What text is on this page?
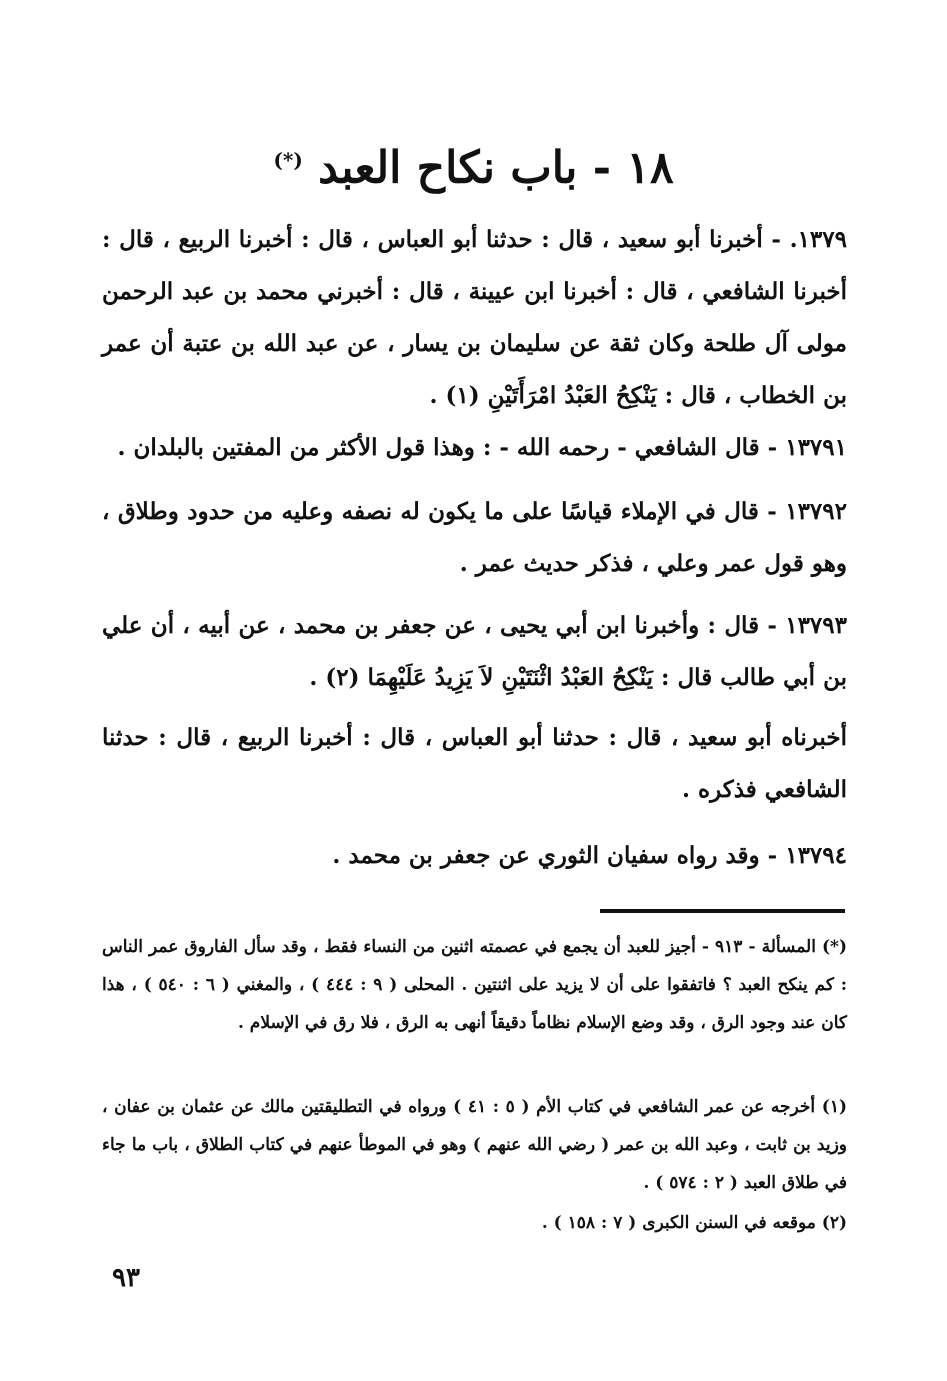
١٨ - باب نكاح العبد (*)
١٣٧٩. - أخبرنا أبو سعيد ، قال : حدثنا أبو العباس ، قال : أخبرنا الربيع ، قال : أخبرنا الشافعي ، قال : أخبرنا ابن عيينة ، قال : أخبرني محمد بن عبد الرحمن مولى آل طلحة وكان ثقة عن سليمان بن يسار ، عن عبد الله بن عتبة أن عمر بن الخطاب ، قال : يَنْكِحُ العَبْدُ امْرَأَتَيْنِ (١) .
١٣٧٩١ - قال الشافعي - رحمه الله - : وهذا قول الأكثر من المفتين بالبلدان .
١٣٧٩٢ - قال في الإملاء قياسًا على ما يكون له نصفه وعليه من حدود وطلاق ، وهو قول عمر وعلي ، فذكر حديث عمر .
١٣٧٩٣ - قال : وأخبرنا ابن أبي يحيى ، عن جعفر بن محمد ، عن أبيه ، أن علي بن أبي طالب قال : يَنْكِحُ العَبْدُ اثْنَتَيْنِ لاَ يَزِيدُ عَلَيْهِمَا (٢) .
أخبرناه أبو سعيد ، قال : حدثنا أبو العباس ، قال : أخبرنا الربيع ، قال : حدثنا الشافعي فذكره .
١٣٧٩٤ - وقد رواه سفيان الثوري عن جعفر بن محمد .
(*) المسألة - ٩١٣ - أجيز للعبد أن يجمع في عصمته اثنين من النساء فقط ، وقد سأل الفاروق عمر الناس : كم ينكح العبد ؟ فاتفقوا على أن لا يزيد على اثنتين . المحلى ( ٩ : ٤٤٤ ) ، والمغني ( ٦ : ٥٤٠ ) ، هذا كان عند وجود الرق ، وقد وضع الإسلام نظاماً دقيقاً أنهى به الرق ، فلا رق في الإسلام .
(١) أخرجه عن عمر الشافعي في كتاب الأم ( ٥ : ٤١ ) ورواه في التطليقتين مالك عن عثمان بن عفان ، وزيد بن ثابت ، وعبد الله بن عمر ( رضي الله عنهم ) وهو في الموطأ عنهم في كتاب الطلاق ، باب ما جاء في طلاق العبد ( ٢ : ٥٧٤ ) .
(٢) موقعه في السنن الكبرى ( ٧ : ١٥٨ ) .
٩٣
